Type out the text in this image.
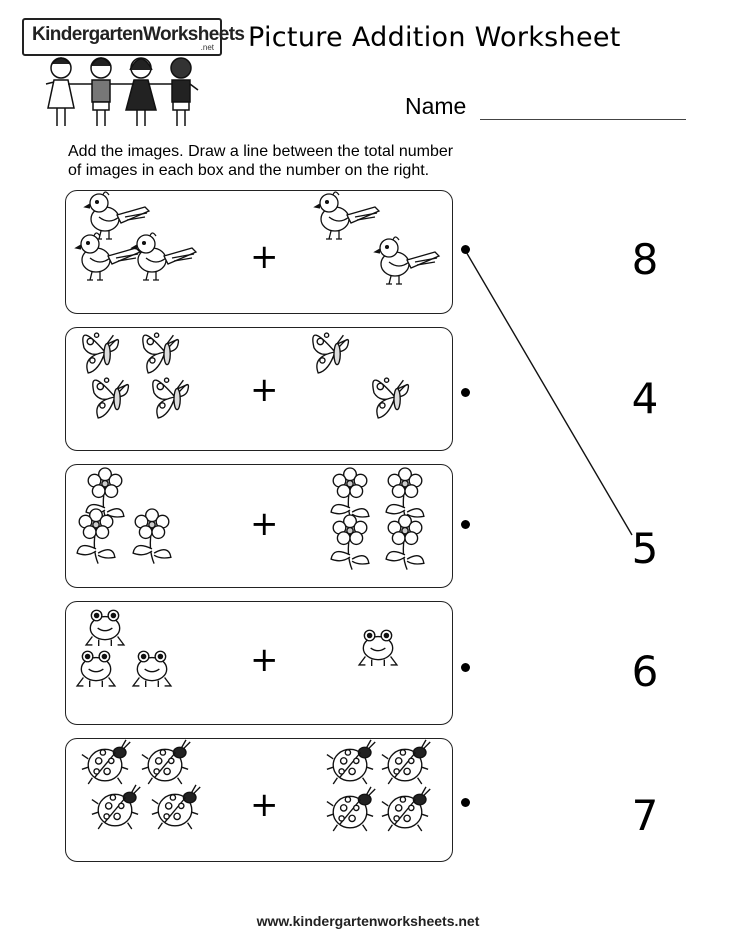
KindergartenWorksheets
.net Picture Addition Worksheet
Name
Add the images. Draw a line between the total number
of images in each box and the number on the right.
+
+
+
+
+
8
4
5
6
7
www.kindergartenworksheets.net
